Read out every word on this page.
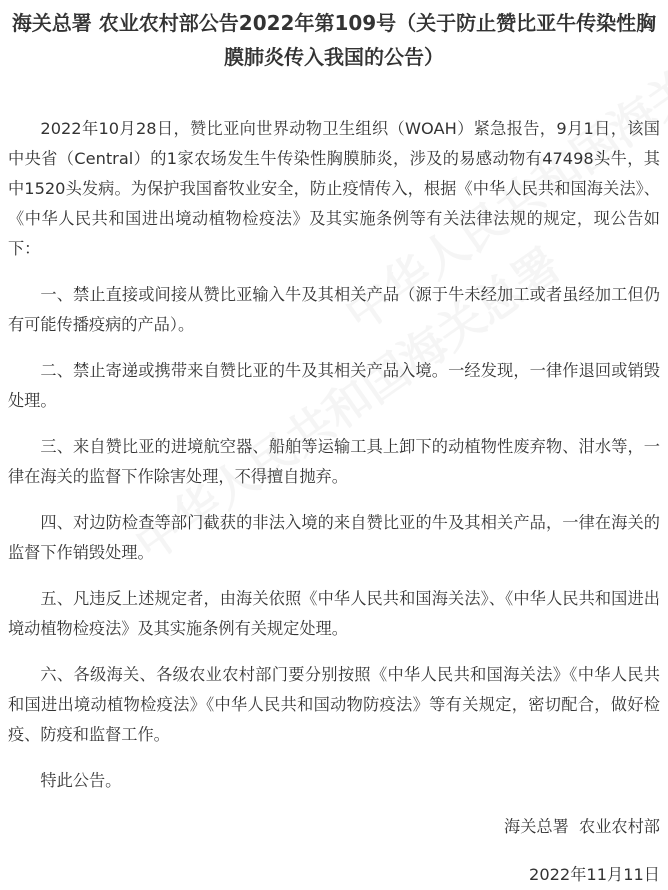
海关总署 农业农村部公告2022年第109号（关于防止赞比亚牛传染性胸膜肺炎传入我国的公告）

2022年10月28日，赞比亚向世界动物卫生组织（WOAH）紧急报告，9月1日，该国中央省（Central）的1家农场发生牛传染性胸膜肺炎，涉及的易感动物有47498头牛，其中1520头发病。为保护我国畜牧业安全，防止疫情传入，根据《中华人民共和国海关法》、《中华人民共和国进出境动植物检疫法》及其实施条例等有关法律法规的规定，现公告如下：

一、禁止直接或间接从赞比亚输入牛及其相关产品（源于牛未经加工或者虽经加工但仍有可能传播疫病的产品）。

二、禁止寄递或携带来自赞比亚的牛及其相关产品入境。一经发现，一律作退回或销毁处理。

三、来自赞比亚的进境航空器、船舶等运输工具上卸下的动植物性废弃物、泔水等，一律在海关的监督下作除害处理，不得擅自抛弃。

四、对边防检查等部门截获的非法入境的来自赞比亚的牛及其相关产品，一律在海关的监督下作销毁处理。

五、凡违反上述规定者，由海关依照《中华人民共和国海关法》、《中华人民共和国进出境动植物检疫法》及其实施条例有关规定处理。

六、各级海关、各级农业农村部门要分别按照《中华人民共和国海关法》《中华人民共和国进出境动植物检疫法》《中华人民共和国动物防疫法》等有关规定，密切配合，做好检疫、防疫和监督工作。

特此公告。

海关总署  农业农村部

2022年11月11日
